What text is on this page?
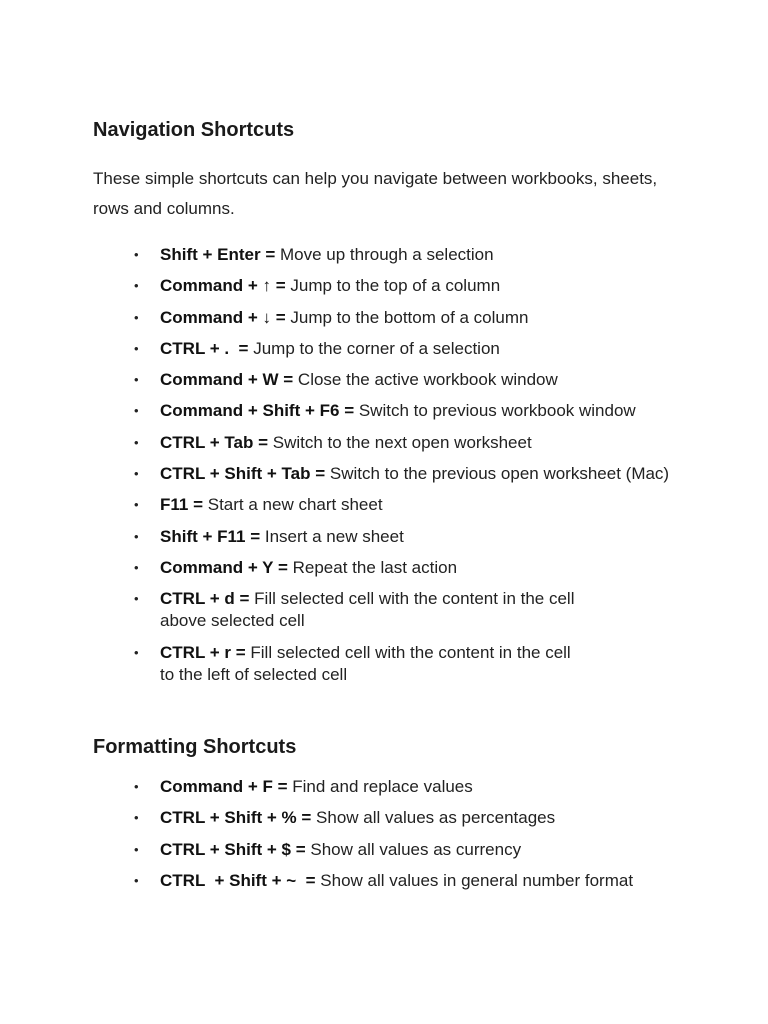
Navigation Shortcuts

These simple shortcuts can help you navigate between workbooks, sheets, rows and columns.

• Shift + Enter = Move up through a selection
• Command + ↑ = Jump to the top of a column
• Command + ↓ = Jump to the bottom of a column
• CTRL + .  = Jump to the corner of a selection
• Command + W = Close the active workbook window
• Command + Shift + F6 = Switch to previous workbook window
• CTRL + Tab = Switch to the next open worksheet
• CTRL + Shift + Tab = Switch to the previous open worksheet (Mac)
• F11 = Start a new chart sheet
• Shift + F11 = Insert a new sheet
• Command + Y = Repeat the last action
• CTRL + d = Fill selected cell with the content in the cell above selected cell
• CTRL + r = Fill selected cell with the content in the cell to the left of selected cell
Formatting Shortcuts
• Command + F = Find and replace values
• CTRL + Shift + % = Show all values as percentages
• CTRL + Shift + $ = Show all values as currency
• CTRL  + Shift + ~  = Show all values in general number format
